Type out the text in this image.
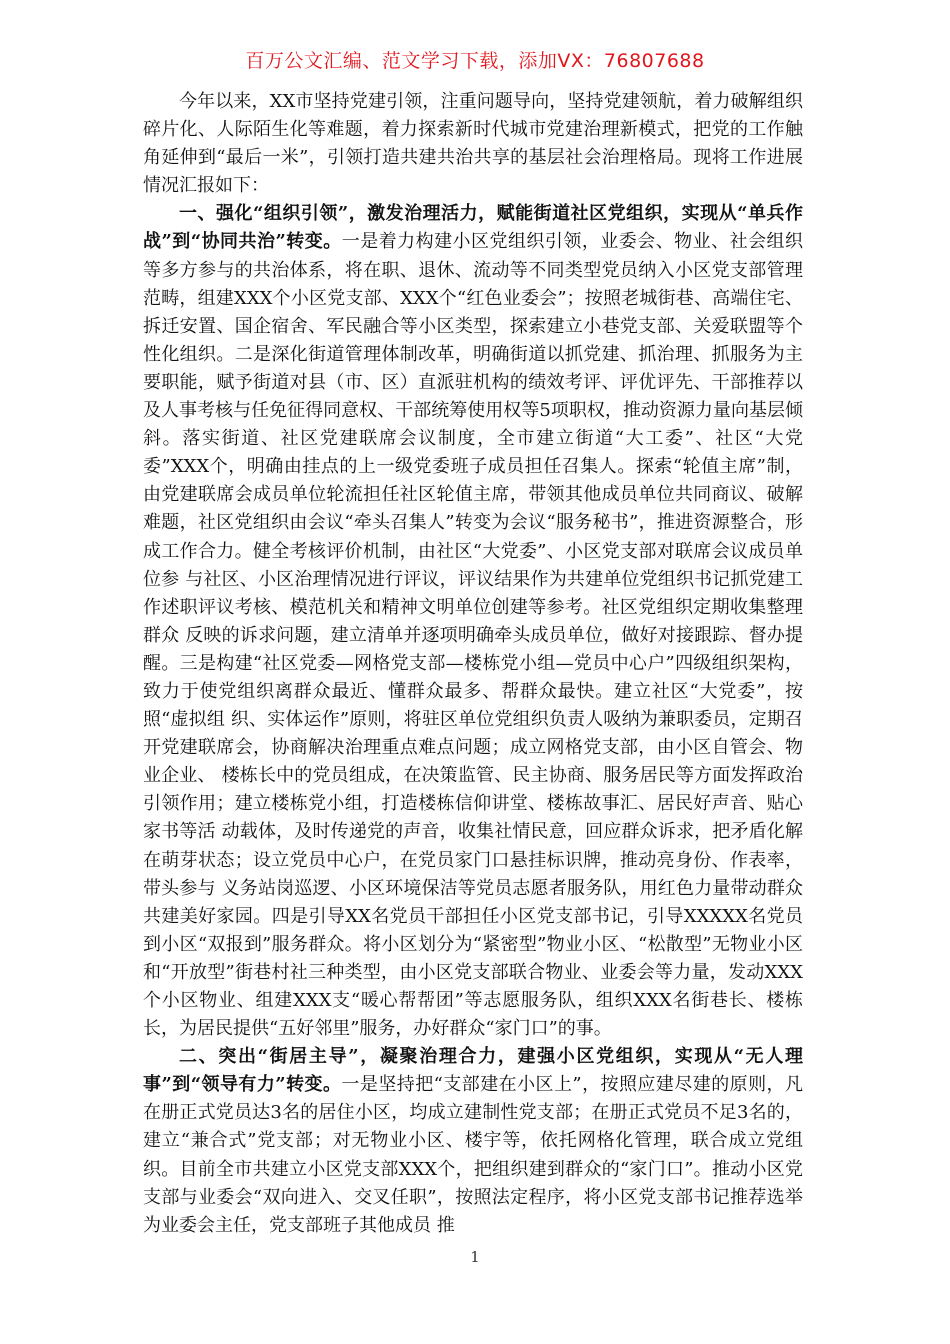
百万公文汇编、范文学习下载，添加VX：76807688

今年以来，XX市坚持党建引领，注重问题导向，坚持党建领航，着力破解组织碎片化、人际陌生化等难题，着力探索新时代城市党建治理新模式，把党的工作触角延伸到“最后一米”，引领打造共建共治共享的基层社会治理格局。现将工作进展情况汇报如下：

一、强化“组织引领”，激发治理活力，赋能街道社区党组织，实现从“单兵作战”到“协同共治”转变。一是着力构建小区党组织引领，业委会、物业、社会组织等多方参与的共治体系，将在职、退休、流动等不同类型党员纳入小区党支部管理范畴，组建XXX个小区党支部、XXX个“红色业委会”；按照老城街巷、高端住宅、拆迁安置、国企宿舍、军民融合等小区类型，探索建立小巷党支部、关爱联盟等个性化组织。二是深化街道管理体制改革，明确街道以抓党建、抓治理、抓服务为主要职能，赋予街道对县（市、区）直派驻机构的绩效考评、评优评先、干部推荐以及人事考核与任免征得同意权、干部统筹使用权等5项职权，推动资源力量向基层倾斜。落实街道、社区党建联席会议制度，全市建立街道“大工委”、社区“大党委”XXX个，明确由挂点的上一级党委班子成员担任召集人。探索“轮值主席”制，由党建联席会成员单位轮流担任社区轮值主席，带领其他成员单位共同商议、破解难题，社区党组织由会议“牵头召集人”转变为会议“服务秘书”，推进资源整合，形成工作合力。健全考核评价机制，由社区“大党委”、小区党支部对联席会议成员单位参 与社区、小区治理情况进行评议，评议结果作为共建单位党组织书记抓党建工作述职评议考核、模范机关和精神文明单位创建等参考。社区党组织定期收集整理群众 反映的诉求问题，建立清单并逐项明确牵头成员单位，做好对接跟踪、督办提醒。三是构建“社区党委—网格党支部—楼栋党小组—党员中心户”四级组织架构，致力于使党组织离群众最近、懂群众最多、帮群众最快。建立社区“大党委”，按照“虚拟组 织、实体运作”原则，将驻区单位党组织负责人吸纳为兼职委员，定期召开党建联席会，协商解决治理重点难点问题；成立网格党支部，由小区自管会、物业企业、 楼栋长中的党员组成，在决策监管、民主协商、服务居民等方面发挥政治引领作用；建立楼栋党小组，打造楼栋信仰讲堂、楼栋故事汇、居民好声音、贴心家书等活 动载体，及时传递党的声音，收集社情民意，回应群众诉求，把矛盾化解在萌芽状态；设立党员中心户，在党员家门口悬挂标识牌，推动亮身份、作表率，带头参与 义务站岗巡逻、小区环境保洁等党员志愿者服务队，用红色力量带动群众共建美好家园。四是引导XX名党员干部担任小区党支部书记，引导XXXXX名党员到小区“双报到”服务群众。将小区划分为“紧密型”物业小区、“松散型”无物业小区和“开放型”街巷村社三种类型，由小区党支部联合物业、业委会等力量，发动XXX个小区物业、组建XXX支“暖心帮帮团”等志愿服务队，组织XXX名街巷长、楼栋长，为居民提供“五好邻里”服务，办好群众“家门口”的事。

二、突出“街居主导”，凝聚治理合力，建强小区党组织，实现从“无人理事”到“领导有力”转变。一是坚持把“支部建在小区上”，按照应建尽建的原则，凡在册正式党员达3名的居住小区，均成立建制性党支部；在册正式党员不足3名的，建立“兼合式”党支部；对无物业小区、楼宇等，依托网格化管理，联合成立党组织。目前全市共建立小区党支部XXX个，把组织建到群众的“家门口”。推动小区党支部与业委会“双向进入、交叉任职”，按照法定程序，将小区党支部书记推荐选举为业委会主任，党支部班子其他成员 推

1
